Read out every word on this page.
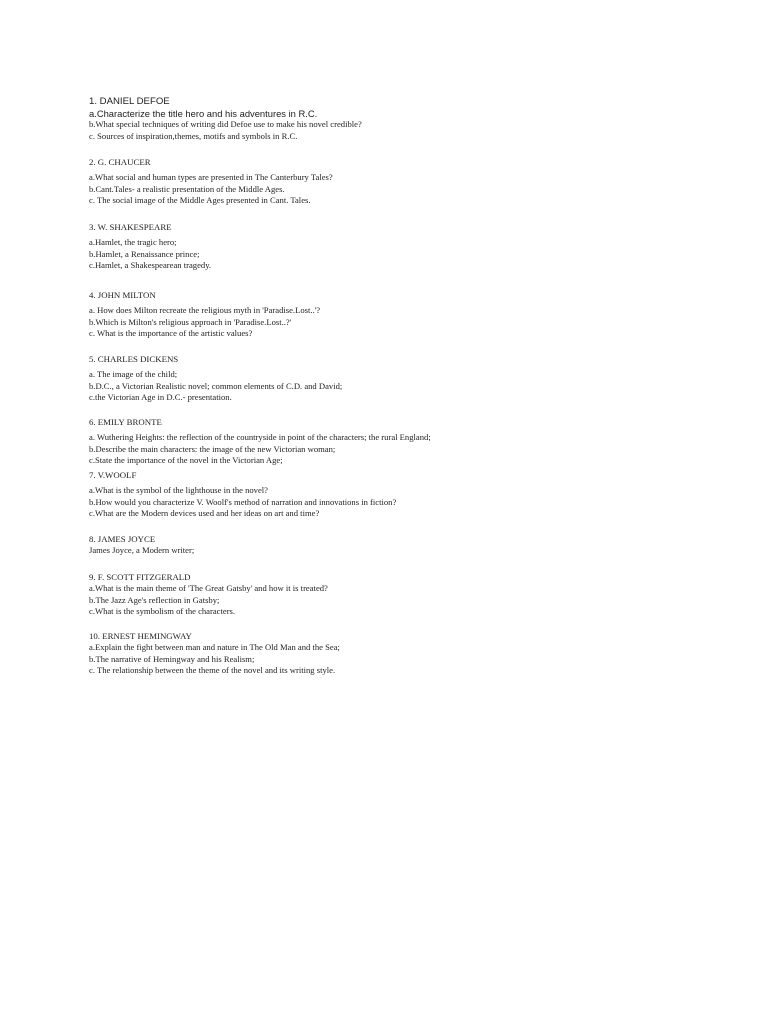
1. DANIEL DEFOE
a.Characterize the title hero and his adventures in R.C.
b.What special techniques of writing did Defoe use to make his novel credible?
c. Sources of inspiration,themes, motifs and symbols in R.C.
2. G. CHAUCER
a.What social and human types are presented in The Canterbury Tales?
b.Cant.Tales- a realistic presentation of the Middle Ages.
c. The social image of the Middle Ages presented in Cant. Tales.
3. W. SHAKESPEARE
a.Hamlet, the tragic hero;
b.Hamlet, a Renaissance prince;
c.Hamlet, a Shakespearean tragedy.
4. JOHN MILTON
a. How does Milton recreate the religious myth in 'Paradise.Lost..'?
b.Which is Milton's religious approach in 'Paradise.Lost..?'
c. What is the importance of the artistic values?
5. CHARLES DICKENS
a. The image of the child;
b.D.C., a Victorian Realistic novel; common elements of C.D. and David;
c.the Victorian Age in D.C.- presentation.
6. EMILY BRONTE
a. Wuthering Heights: the reflection of the countryside in point of the characters; the rural England;
b.Describe the main characters: the image of the new Victorian woman;
c.State the importance of the novel in the Victorian Age;
7. V.WOOLF
a.What is the symbol of the lighthouse in the novel?
b.How would you characterize V. Woolf's method of narration and innovations in fiction?
c.What are the Modern devices used and her ideas on art and time?
8. JAMES JOYCE
James Joyce, a Modern writer;
9. F. SCOTT FITZGERALD
a.What is the main theme of 'The Great Gatsby' and how it is treated?
b.The Jazz Age's reflection in Gatsby;
c.What is the symbolism of the characters.
10. ERNEST HEMINGWAY
a.Explain the fight between man and nature in The Old Man and the Sea;
b.The narrative of Hemingway and his Realism;
c. The relationship between the theme of the novel and its writing style.
